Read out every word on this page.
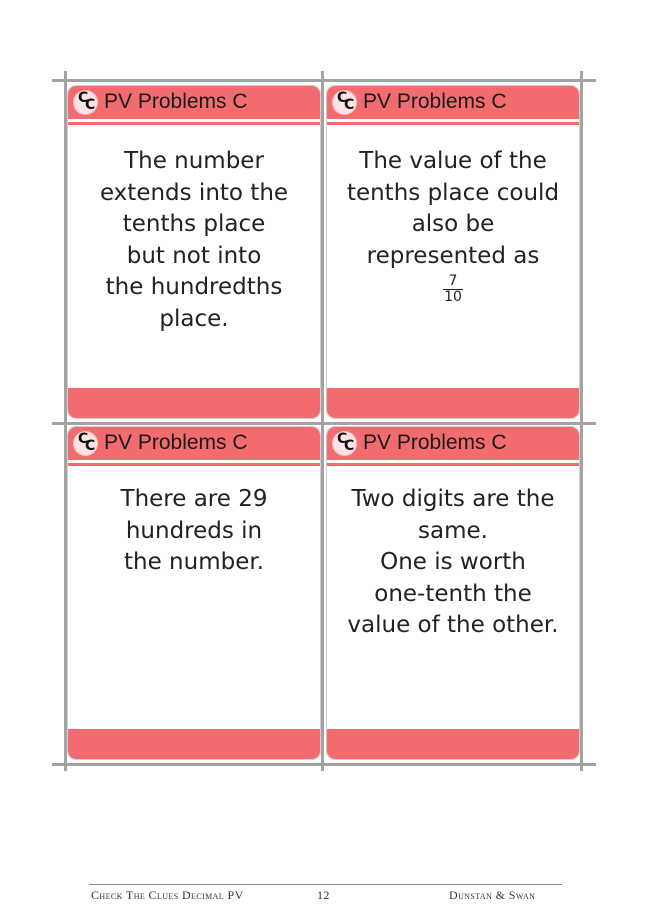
C
C PV Problems C
The number
extends into the
tenths place
but not into
the hundredths
place.
C
C PV Problems C
The value of the
tenths place could
also be
represented as
$\frac{7}{10}$
C
C PV Problems C
There are 29
hundreds in
the number.
C
C PV Problems C
Two digits are the
same.
One is worth
one-tenth the
value of the other.
Check The Clues Decimal PV	12	Dunstan & Swan
